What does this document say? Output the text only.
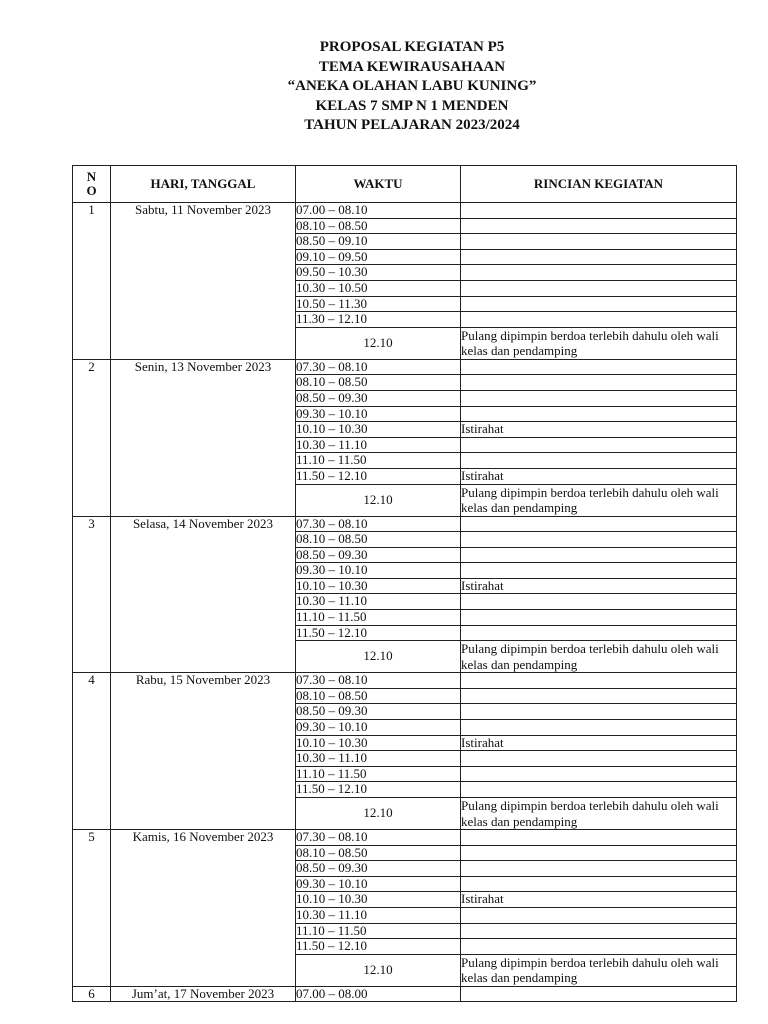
PROPOSAL KEGIATAN P5
TEMA KEWIRAUSAHAAN
“ANEKA OLAHAN LABU KUNING”
KELAS 7 SMP N 1 MENDEN
TAHUN PELAJARAN 2023/2024
N
O	HARI, TANGGAL	WAKTU	RINCIAN KEGIATAN
1	Sabtu, 11 November 2023	07.00 – 08.10	
		08.10 – 08.50	
		08.50 – 09.10	
		09.10 – 09.50	
		09.50 – 10.30	
		10.30 – 10.50	
		10.50 – 11.30	
		11.30 – 12.10	
		12.10	Pulang dipimpin berdoa terlebih dahulu oleh wali kelas dan pendamping
2	Senin, 13 November 2023	07.30 – 08.10	
		08.10 – 08.50	
		08.50 – 09.30	
		09.30 – 10.10	
		10.10 – 10.30	Istirahat
		10.30 – 11.10	
		11.10 – 11.50	
		11.50 – 12.10	Istirahat
		12.10	Pulang dipimpin berdoa terlebih dahulu oleh wali kelas dan pendamping
3	Selasa, 14 November 2023	07.30 – 08.10	
		08.10 – 08.50	
		08.50 – 09.30	
		09.30 – 10.10	
		10.10 – 10.30	Istirahat
		10.30 – 11.10	
		11.10 – 11.50	
		11.50 – 12.10	
		12.10	Pulang dipimpin berdoa terlebih dahulu oleh wali kelas dan pendamping
4	Rabu, 15 November 2023	07.30 – 08.10	
		08.10 – 08.50	
		08.50 – 09.30	
		09.30 – 10.10	
		10.10 – 10.30	Istirahat
		10.30 – 11.10	
		11.10 – 11.50	
		11.50 – 12.10	
		12.10	Pulang dipimpin berdoa terlebih dahulu oleh wali kelas dan pendamping
5	Kamis, 16 November 2023	07.30 – 08.10	
		08.10 – 08.50	
		08.50 – 09.30	
		09.30 – 10.10	
		10.10 – 10.30	Istirahat
		10.30 – 11.10	
		11.10 – 11.50	
		11.50 – 12.10	
		12.10	Pulang dipimpin berdoa terlebih dahulu oleh wali kelas dan pendamping
6	Jum’at, 17 November 2023	07.00 – 08.00	
